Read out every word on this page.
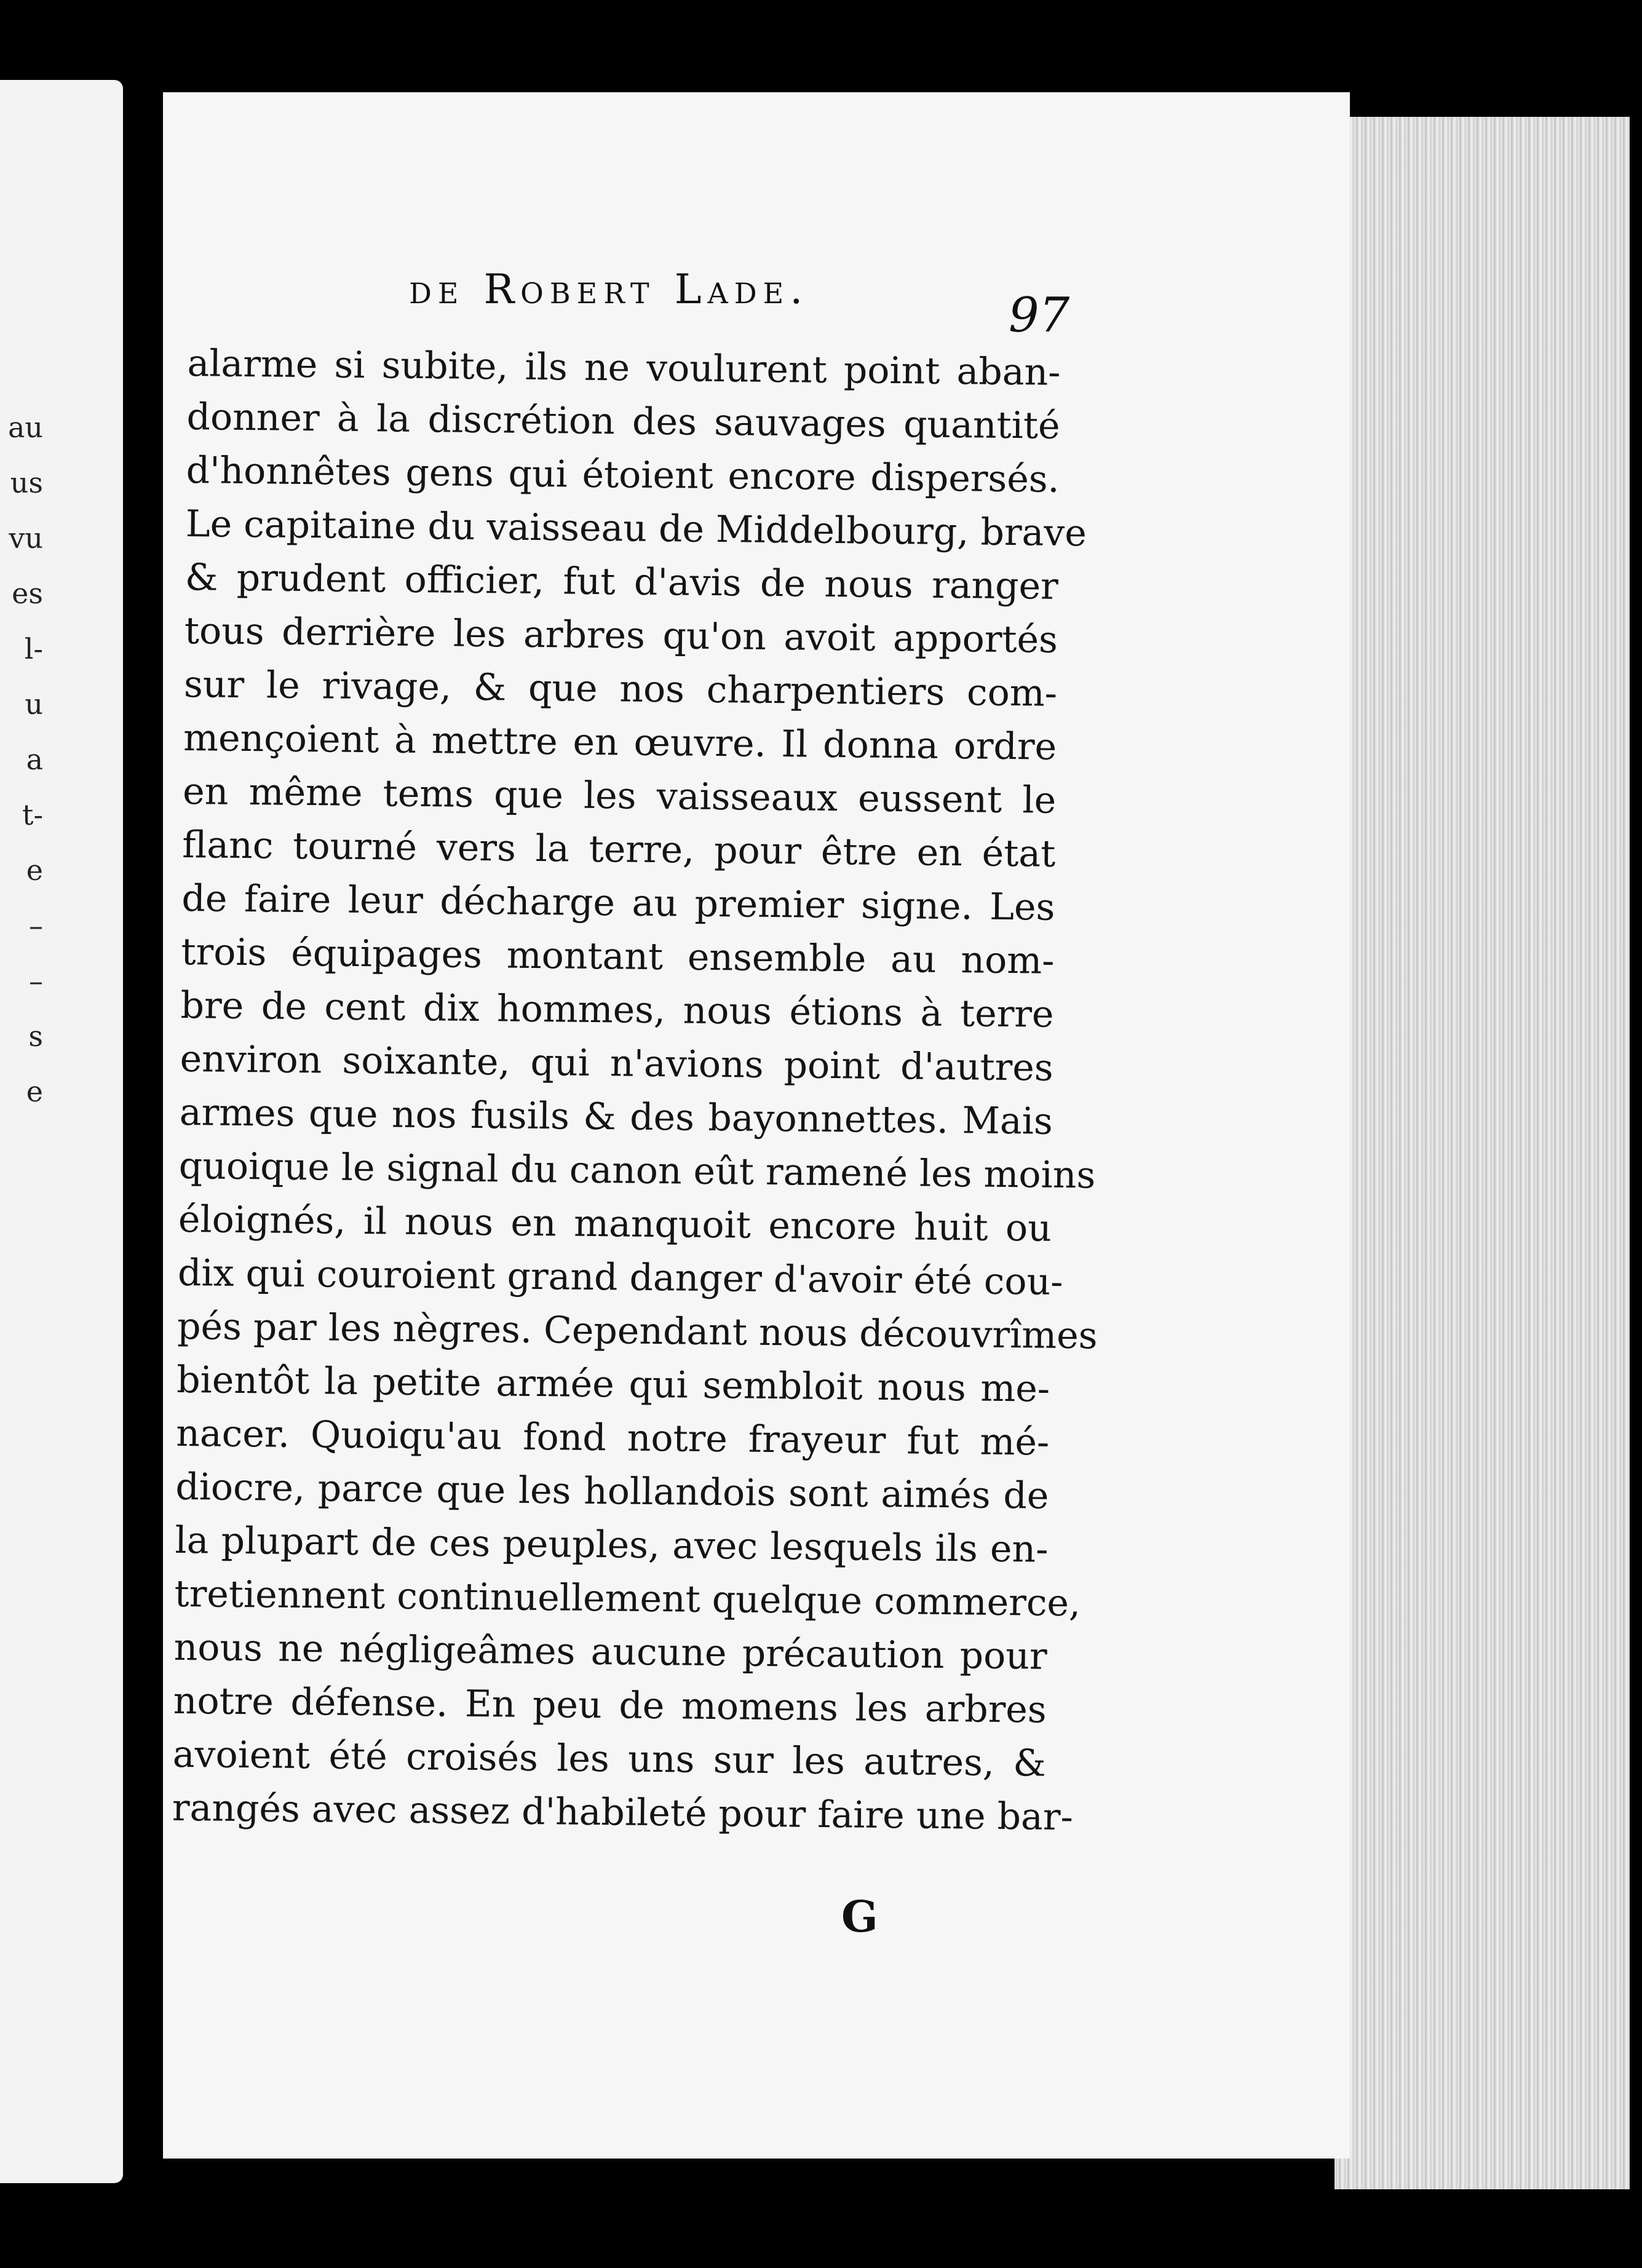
au
us
vu
es
l-
u
a
t-
e
–
–
s
e
de Robert Lade.	97
alarme si subite, ils ne voulurent point aban-
donner à la discrétion des sauvages quantité
d'honnêtes gens qui étoient encore dispersés.
Le capitaine du vaisseau de Middelbourg, brave
& prudent officier, fut d'avis de nous ranger
tous derrière les arbres qu'on avoit apportés
sur le rivage, & que nos charpentiers com-
mençoient à mettre en œuvre. Il donna ordre
en même tems que les vaisseaux eussent le
flanc tourné vers la terre, pour être en état
de faire leur décharge au premier signe. Les
trois équipages montant ensemble au nom-
bre de cent dix hommes, nous étions à terre
environ soixante, qui n'avions point d'autres
armes que nos fusils & des bayonnettes. Mais
quoique le signal du canon eût ramené les moins
éloignés, il nous en manquoit encore huit ou
dix qui couroient grand danger d'avoir été cou-
pés par les nègres. Cependant nous découvrîmes
bientôt la petite armée qui sembloit nous me-
nacer. Quoiqu'au fond notre frayeur fut mé-
diocre, parce que les hollandois sont aimés de
la plupart de ces peuples, avec lesquels ils en-
tretiennent continuellement quelque commerce,
nous ne négligeâmes aucune précaution pour
notre défense. En peu de momens les arbres
avoient été croisés les uns sur les autres, &
rangés avec assez d'habileté pour faire une bar-
G
